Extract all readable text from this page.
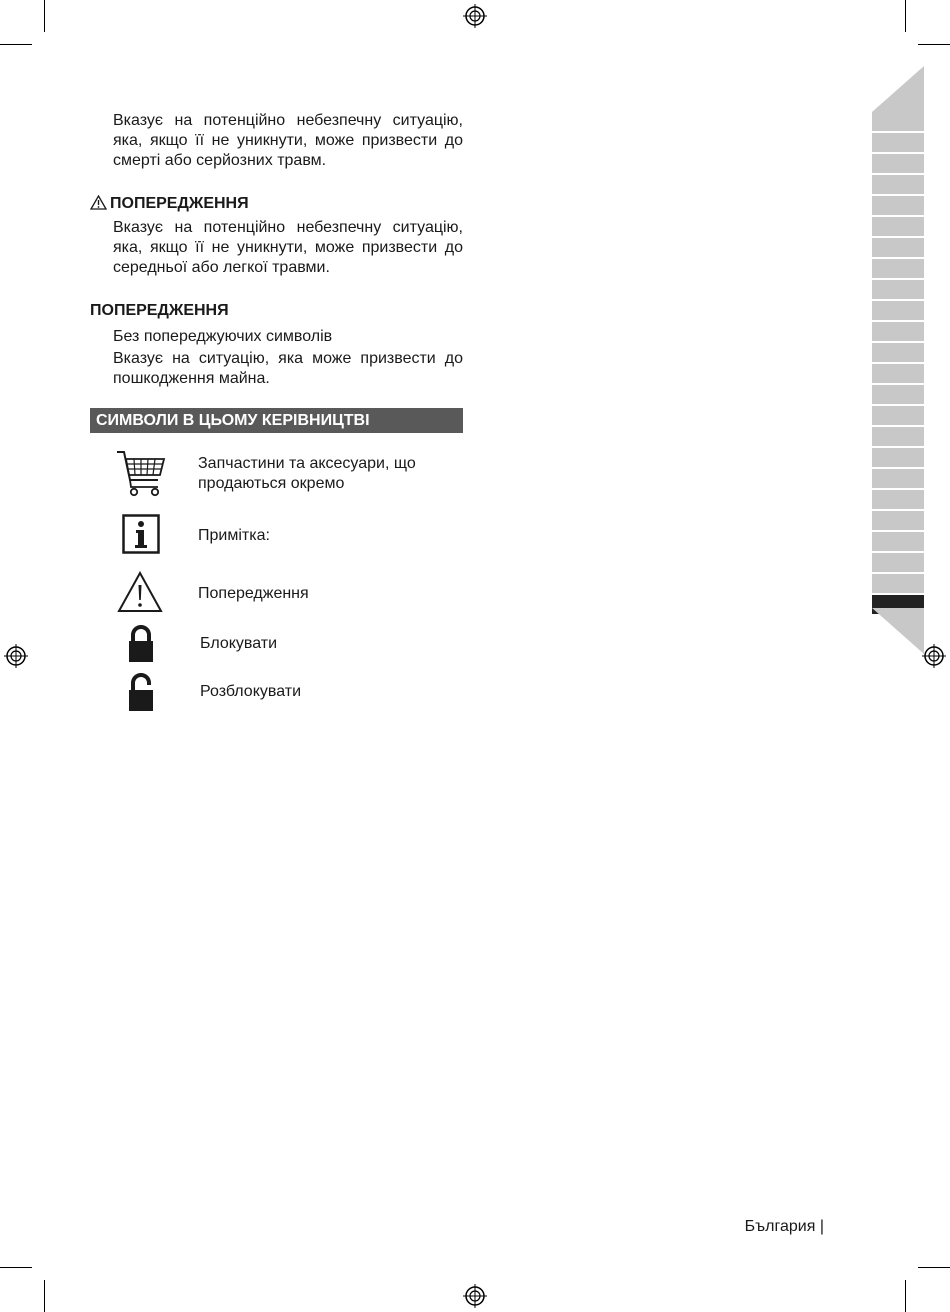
Вказує на потенційно небезпечну ситуацію, яка, якщо її не уникнути, може призвести до смерті або серйозних травм.
ПОПЕРЕДЖЕННЯ
Вказує на потенційно небезпечну ситуацію, яка, якщо її не уникнути, може призвести до середньої або легкої травми.
ПОПЕРЕДЖЕННЯ
Без попереджуючих символів
Вказує на ситуацію, яка може призвести до пошкодження майна.
СИМВОЛИ В ЦЬОМУ КЕРІВНИЦТВІ
Запчастини та аксесуари, що продаються окремо
Примітка:
Попередження
Блокувати
Розблокувати
България |
